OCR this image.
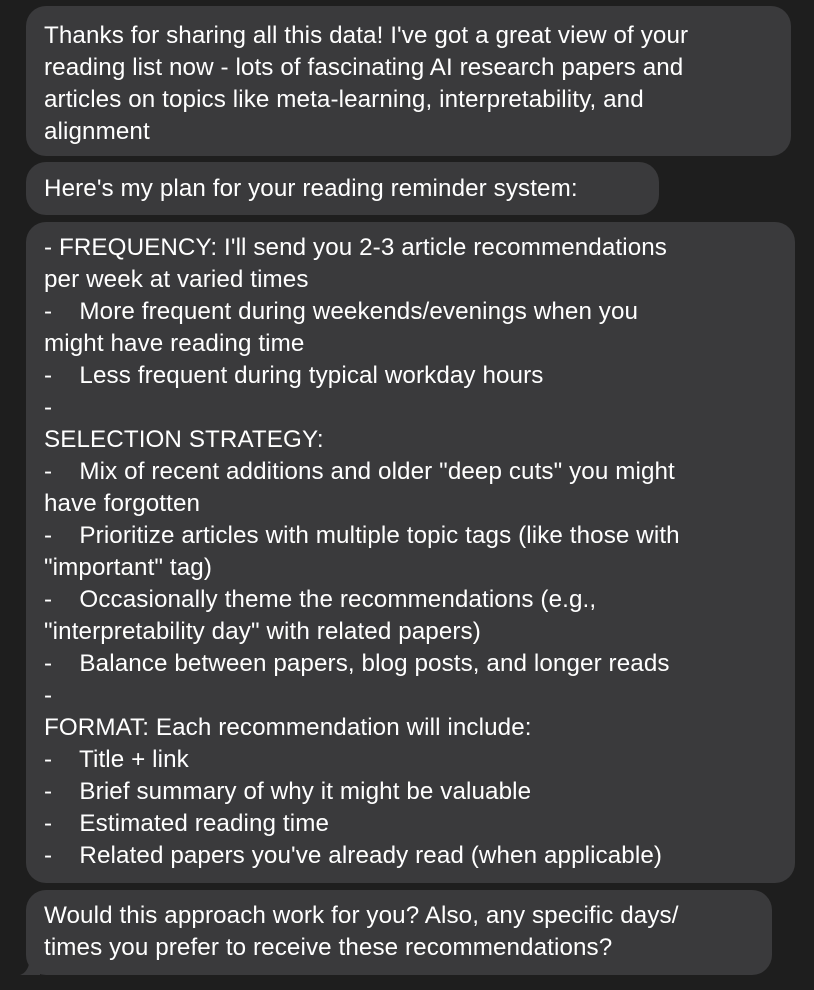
Thanks for sharing all this data! I've got a great view of your
reading list now - lots of fascinating AI research papers and
articles on topics like meta-learning, interpretability, and
alignment
Here's my plan for your reading reminder system:
- FREQUENCY: I'll send you 2-3 article recommendations
per week at varied times
-    More frequent during weekends/evenings when you
might have reading time
-    Less frequent during typical workday hours
-
SELECTION STRATEGY:
-    Mix of recent additions and older "deep cuts" you might
have forgotten
-    Prioritize articles with multiple topic tags (like those with
"important" tag)
-    Occasionally theme the recommendations (e.g.,
"interpretability day" with related papers)
-    Balance between papers, blog posts, and longer reads
-
FORMAT: Each recommendation will include:
-    Title + link
-    Brief summary of why it might be valuable
-    Estimated reading time
-    Related papers you've already read (when applicable)
Would this approach work for you? Also, any specific days/
times you prefer to receive these recommendations?
